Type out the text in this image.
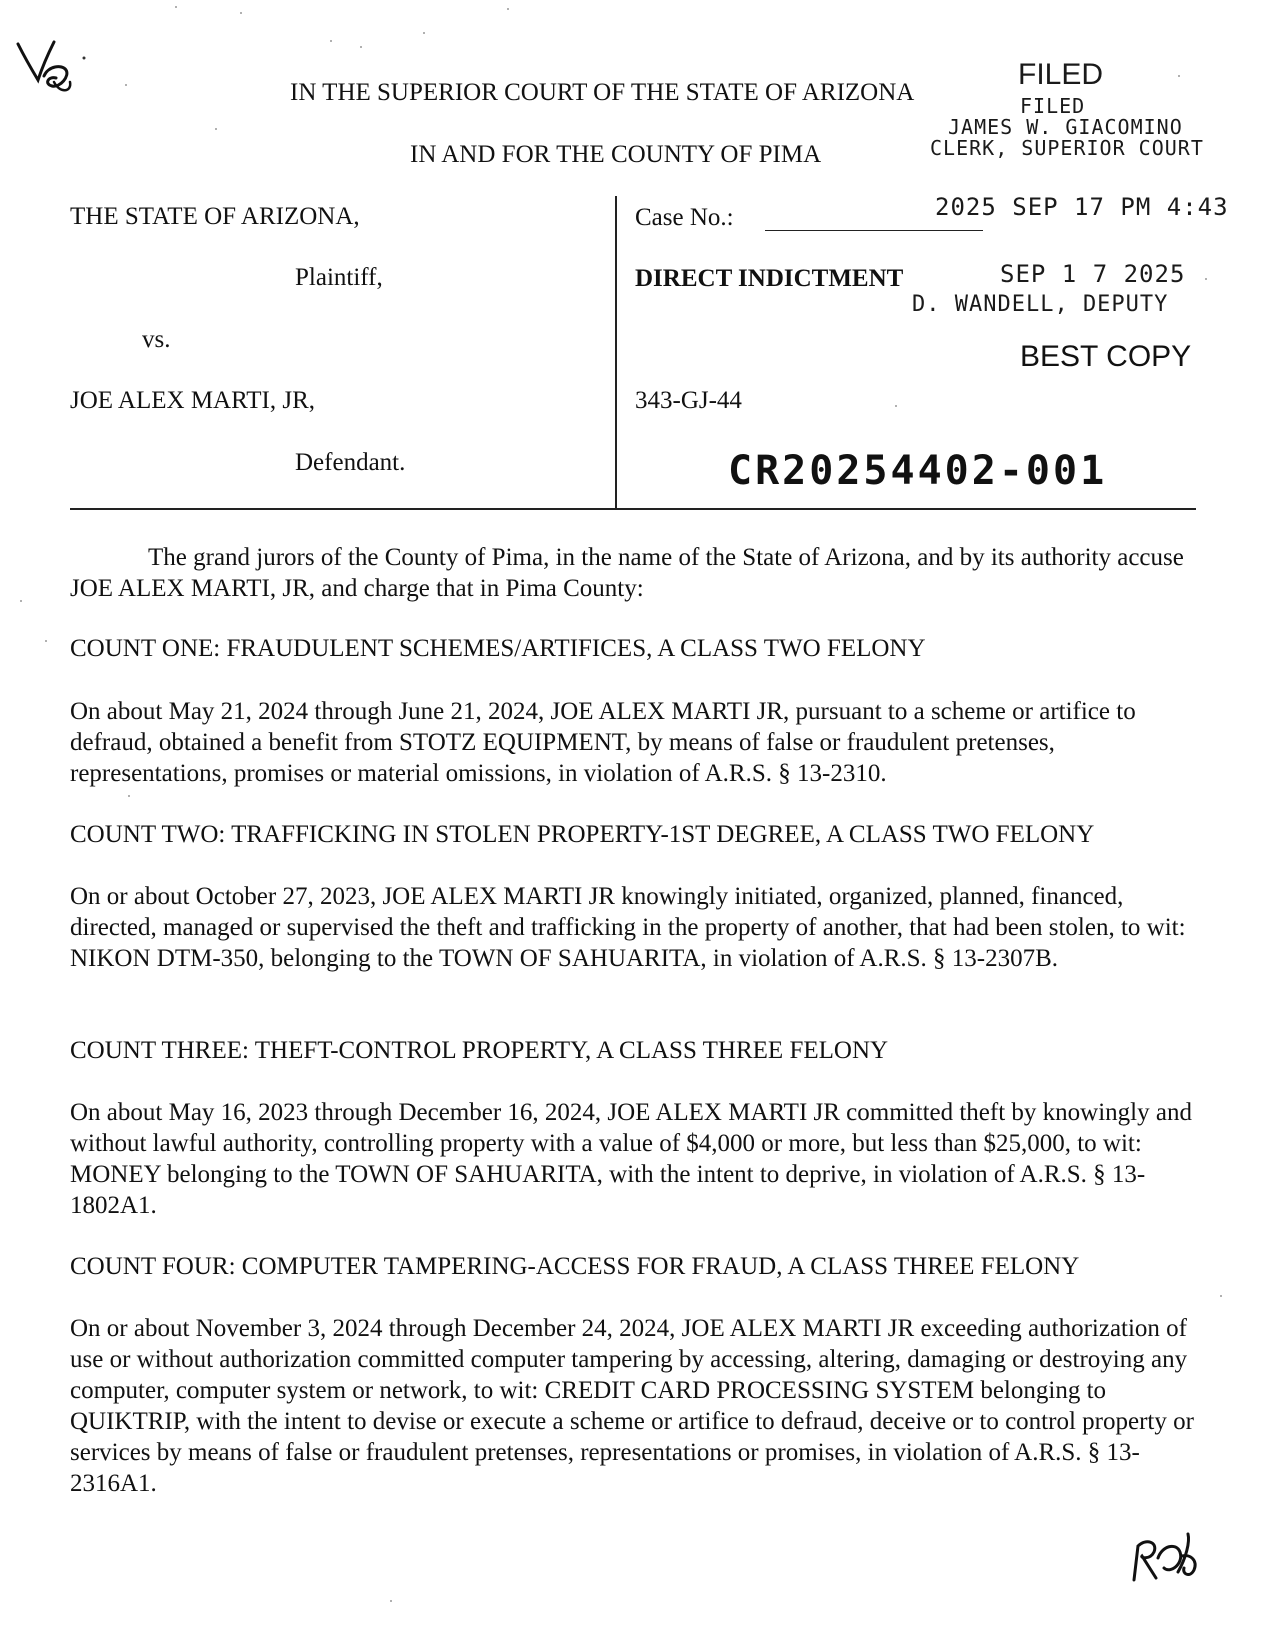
IN THE SUPERIOR COURT OF THE STATE OF ARIZONA
IN AND FOR THE COUNTY OF PIMA
FILED
FILED
JAMES W. GIACOMINO
CLERK, SUPERIOR COURT
2025 SEP 17 PM 4:43
SEP 1 7 2025
D. WANDELL, DEPUTY
BEST COPY
THE STATE OF ARIZONA,
Plaintiff,
vs.
JOE ALEX MARTI, JR,
Defendant.
Case No.:
DIRECT INDICTMENT
343-GJ-44
CR20254402-001
The grand jurors of the County of Pima, in the name of the State of Arizona, and by its authority accuse JOE ALEX MARTI, JR, and charge that in Pima County:
COUNT ONE: FRAUDULENT SCHEMES/ARTIFICES, A CLASS TWO FELONY
On about May 21, 2024 through June 21, 2024, JOE ALEX MARTI JR, pursuant to a scheme or artifice to defraud, obtained a benefit from STOTZ EQUIPMENT, by means of false or fraudulent pretenses, representations, promises or material omissions, in violation of A.R.S. § 13-2310.
COUNT TWO: TRAFFICKING IN STOLEN PROPERTY-1ST DEGREE, A CLASS TWO FELONY
On or about October 27, 2023, JOE ALEX MARTI JR knowingly initiated, organized, planned, financed, directed, managed or supervised the theft and trafficking in the property of another, that had been stolen, to wit: NIKON DTM-350, belonging to the TOWN OF SAHUARITA, in violation of A.R.S. § 13-2307B.
COUNT THREE: THEFT-CONTROL PROPERTY, A CLASS THREE FELONY
On about May 16, 2023 through December 16, 2024, JOE ALEX MARTI JR committed theft by knowingly and without lawful authority, controlling property with a value of $4,000 or more, but less than $25,000, to wit: MONEY belonging to the TOWN OF SAHUARITA, with the intent to deprive, in violation of A.R.S. § 13-1802A1.
COUNT FOUR: COMPUTER TAMPERING-ACCESS FOR FRAUD, A CLASS THREE FELONY
On or about November 3, 2024 through December 24, 2024, JOE ALEX MARTI JR exceeding authorization of use or without authorization committed computer tampering by accessing, altering, damaging or destroying any computer, computer system or network, to wit: CREDIT CARD PROCESSING SYSTEM belonging to QUIKTRIP, with the intent to devise or execute a scheme or artifice to defraud, deceive or to control property or services by means of false or fraudulent pretenses, representations or promises, in violation of A.R.S. § 13-2316A1.
